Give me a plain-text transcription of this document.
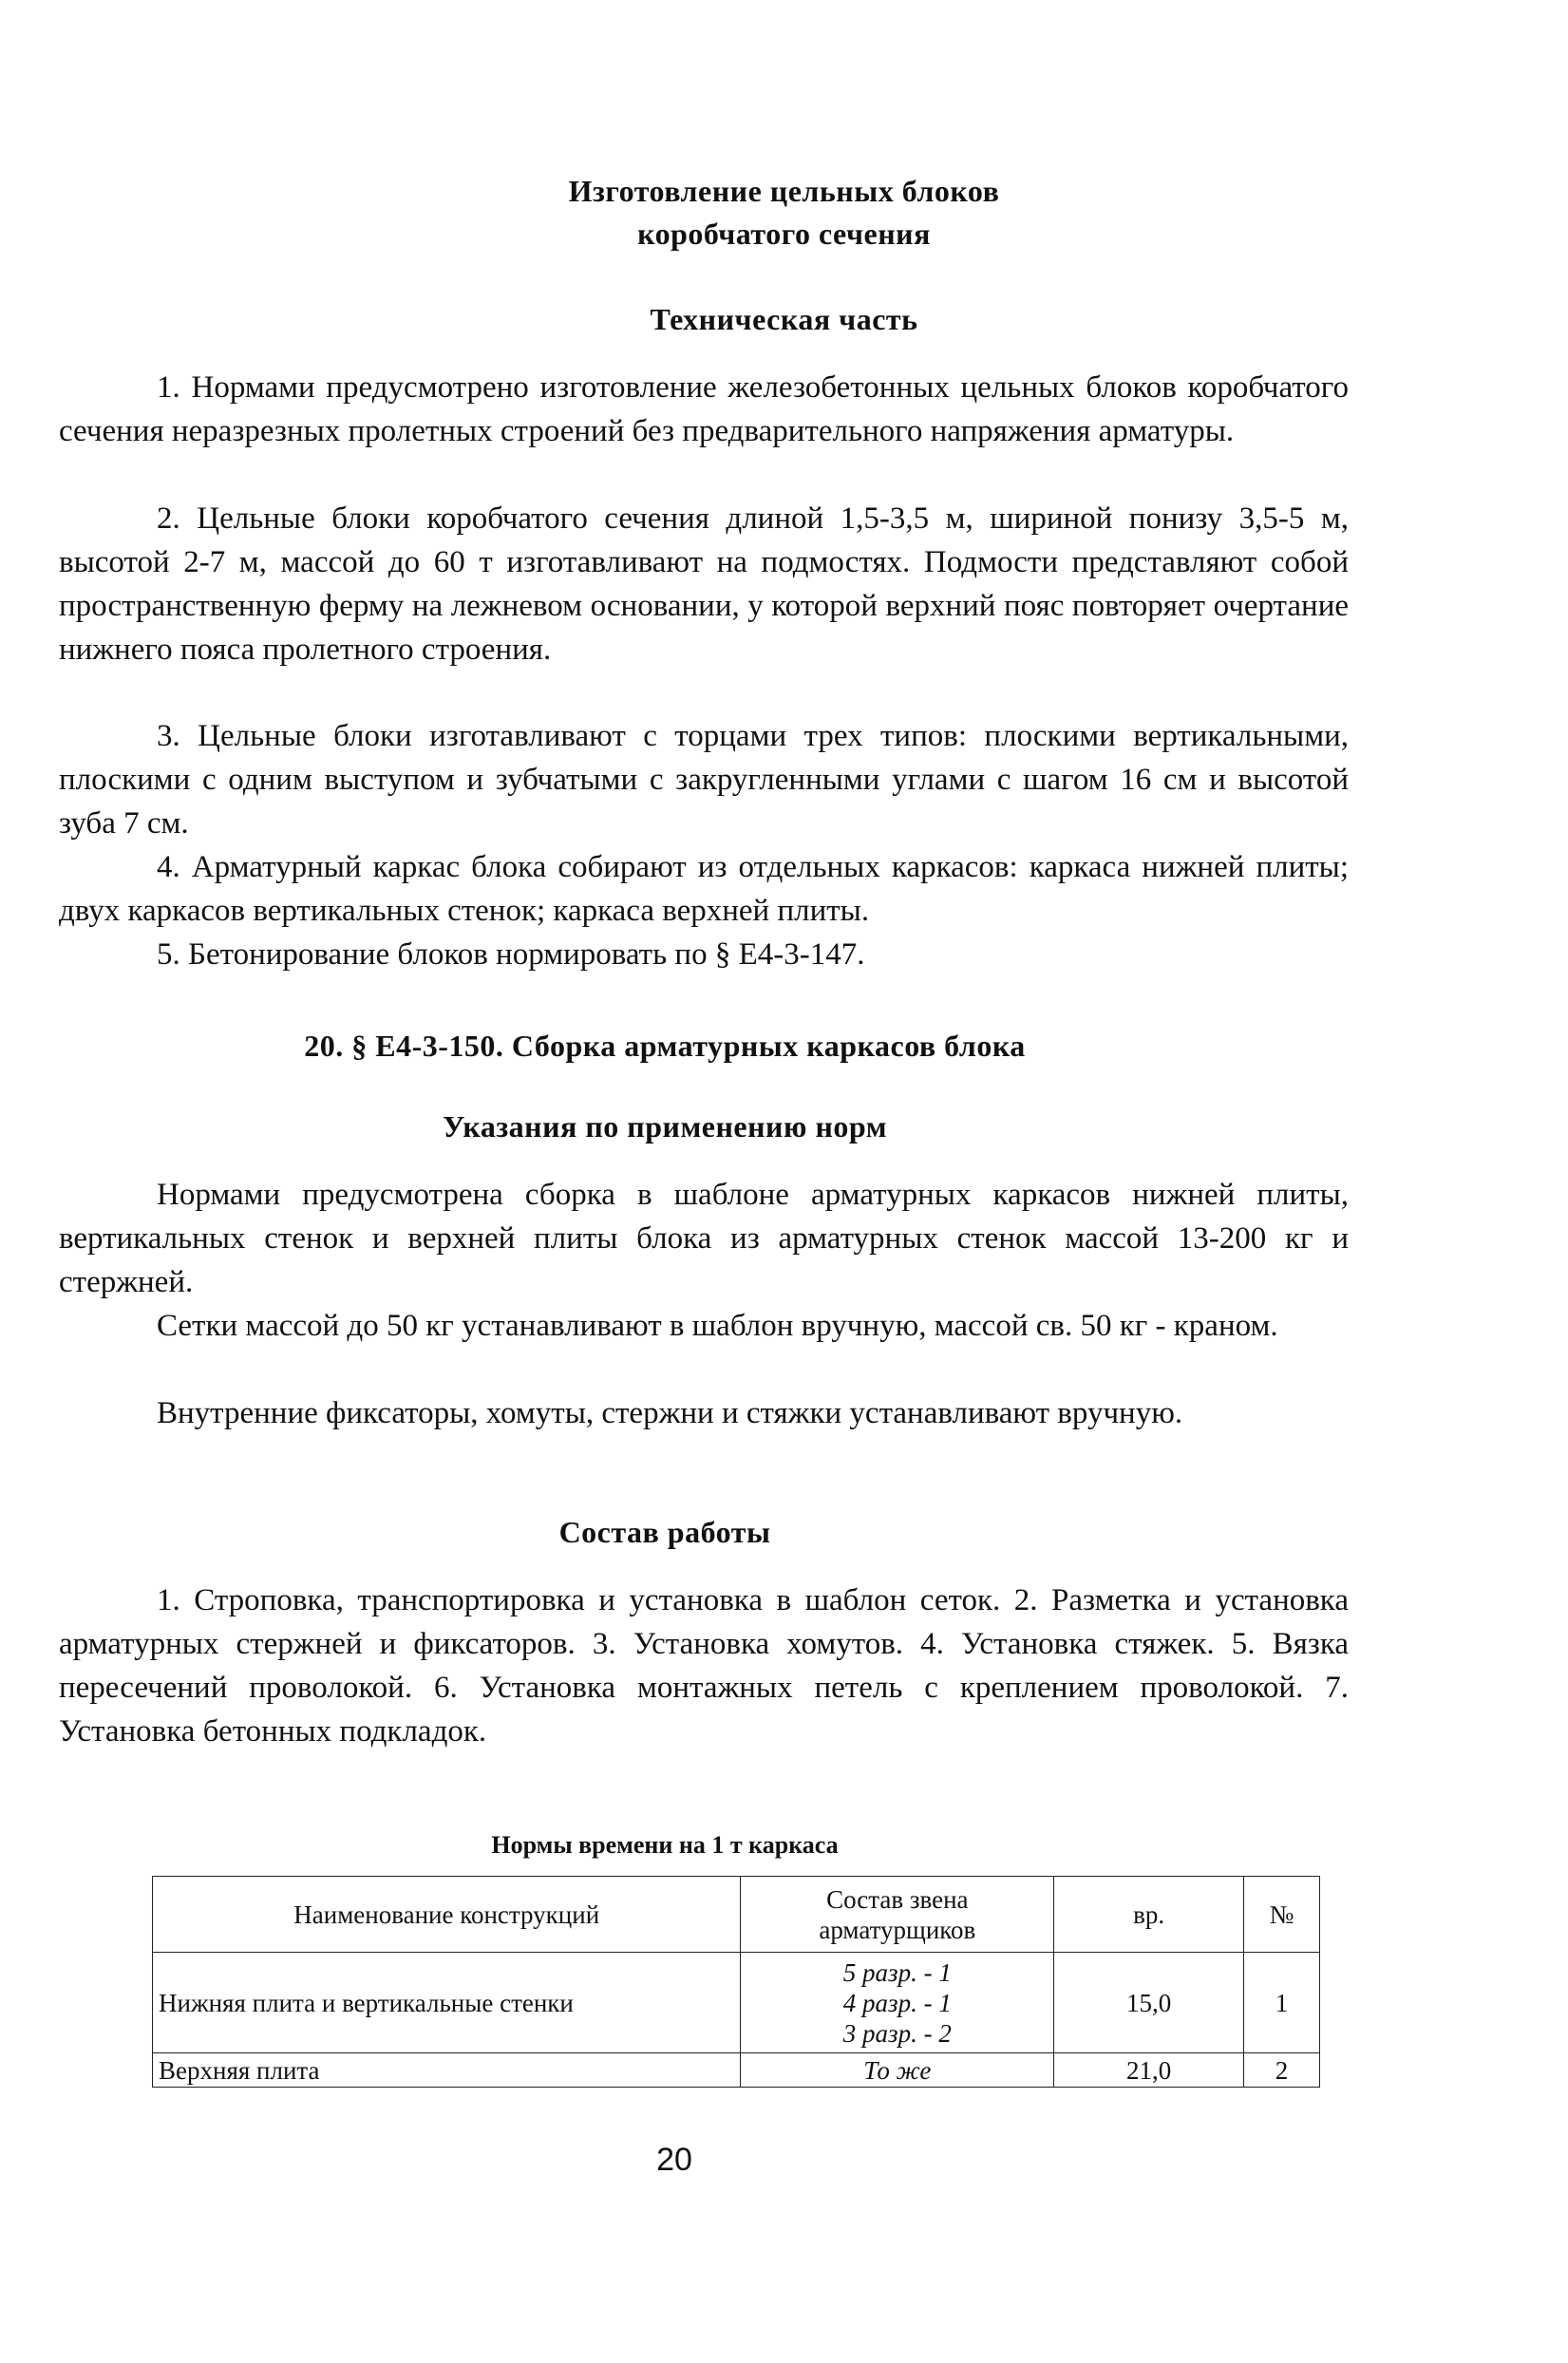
Изготовление цельных блоков
коробчатого сечения
Техническая часть
1. Нормами предусмотрено изготовление железобетонных цельных блоков коробчатого сечения неразрезных пролетных строений без предварительного напряжения арматуры.
2. Цельные блоки коробчатого сечения длиной 1,5-3,5 м, шириной понизу 3,5-5 м, высотой 2-7 м, массой до 60 т изготавливают на подмостях. Подмости представляют собой пространственную ферму на лежневом основании, у которой верхний пояс повторяет очертание нижнего пояса пролетного строения.
3. Цельные блоки изготавливают с торцами трех типов: плоскими вертикальными, плоскими с одним выступом и зубчатыми с закругленными углами с шагом 16 см и высотой зуба 7 см.
4. Арматурный каркас блока собирают из отдельных каркасов: каркаса нижней плиты; двух каркасов вертикальных стенок; каркаса верхней плиты.
5. Бетонирование блоков нормировать по § Е4-3-147.
20. § Е4-3-150. Сборка арматурных каркасов блока
Указания по применению норм
Нормами предусмотрена сборка в шаблоне арматурных каркасов нижней плиты, вертикальных стенок и верхней плиты блока из арматурных стенок массой 13-200 кг и стержней.
Сетки массой до 50 кг устанавливают в шаблон вручную, массой св. 50 кг - краном.
Внутренние фиксаторы, хомуты, стержни и стяжки устанавливают вручную.
Состав работы
1. Строповка, транспортировка и установка в шаблон сеток. 2. Разметка и установка арматурных стержней и фиксаторов. 3. Установка хомутов. 4. Установка стяжек. 5. Вязка пересечений проволокой. 6. Установка монтажных петель с креплением проволокой. 7. Установка бетонных подкладок.
Нормы времени на 1 т каркаса
Наименование конструкций	Состав звена арматурщиков	вр.	№
Нижняя плита и вертикальные стенки	5 разр. - 1
4 разр. - 1
3 разр. - 2	15,0	1
Верхняя плита	То же	21,0	2
20
